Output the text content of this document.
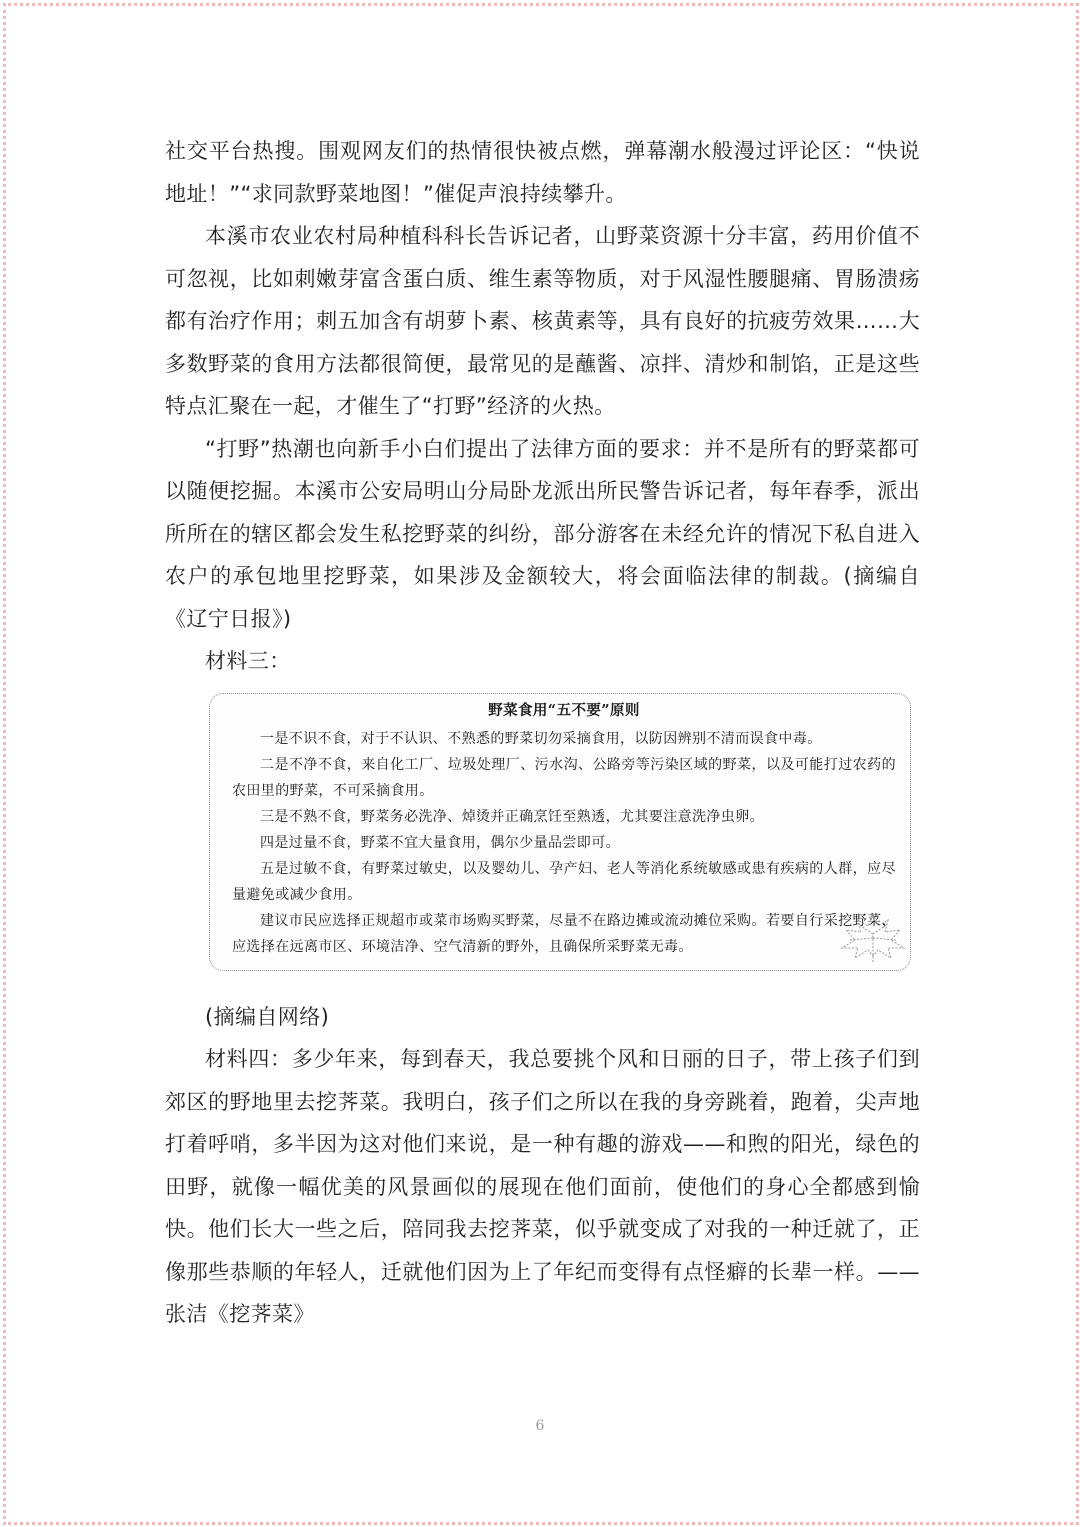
社交平台热搜。围观网友们的热情很快被点燃，弹幕潮水般漫过评论区：“快说地址！”“求同款野菜地图！”催促声浪持续攀升。

本溪市农业农村局种植科科长告诉记者，山野菜资源十分丰富，药用价值不可忽视，比如刺嫩芽富含蛋白质、维生素等物质，对于风湿性腰腿痛、胃肠溃疡都有治疗作用；刺五加含有胡萝卜素、核黄素等，具有良好的抗疲劳效果……大多数野菜的食用方法都很简便，最常见的是蘸酱、凉拌、清炒和制馅，正是这些特点汇聚在一起，才催生了“打野”经济的火热。

“打野”热潮也向新手小白们提出了法律方面的要求：并不是所有的野菜都可以随便挖掘。本溪市公安局明山分局卧龙派出所民警告诉记者，每年春季，派出所所在的辖区都会发生私挖野菜的纠纷，部分游客在未经允许的情况下私自进入农户的承包地里挖野菜，如果涉及金额较大，将会面临法律的制裁。(摘编自《辽宁日报》)

材料三：

野菜食用“五不要”原则

一是不识不食，对于不认识、不熟悉的野菜切勿采摘食用，以防因辨别不清而误食中毒。

二是不净不食，来自化工厂、垃圾处理厂、污水沟、公路旁等污染区域的野菜，以及可能打过农药的农田里的野菜，不可采摘食用。

三是不熟不食，野菜务必洗净、焯烫并正确烹饪至熟透，尤其要注意洗净虫卵。

四是过量不食，野菜不宜大量食用，偶尔少量品尝即可。

五是过敏不食，有野菜过敏史，以及婴幼儿、孕产妇、老人等消化系统敏感或患有疾病的人群，应尽量避免或减少食用。

建议市民应选择正规超市或菜市场购买野菜，尽量不在路边摊或流动摊位采购。若要自行采挖野菜，应选择在远离市区、环境洁净、空气清新的野外，且确保所采野菜无毒。

(摘编自网络)

材料四：多少年来，每到春天，我总要挑个风和日丽的日子，带上孩子们到郊区的野地里去挖荠菜。我明白，孩子们之所以在我的身旁跳着，跑着，尖声地打着呼哨，多半因为这对他们来说，是一种有趣的游戏——和煦的阳光，绿色的田野，就像一幅优美的风景画似的展现在他们面前，使他们的身心全都感到愉快。他们长大一些之后，陪同我去挖荠菜，似乎就变成了对我的一种迁就了，正像那些恭顺的年轻人，迁就他们因为上了年纪而变得有点怪癖的长辈一样。——张洁《挖荠菜》

6
